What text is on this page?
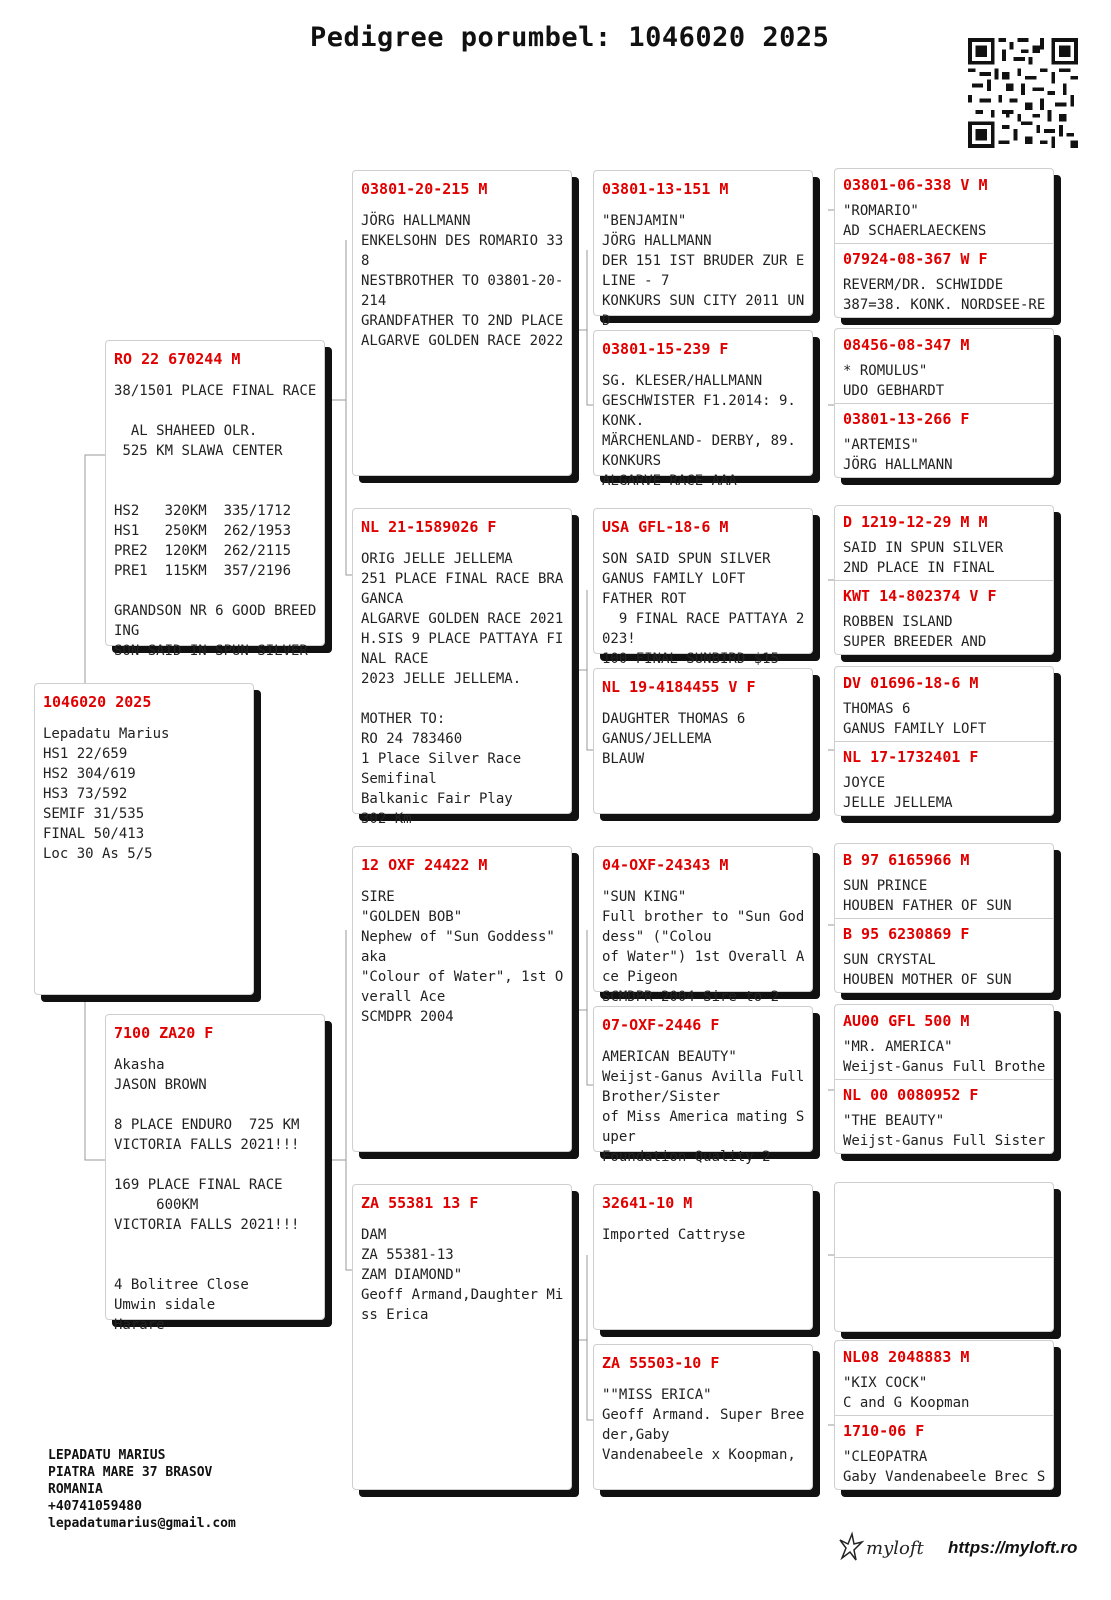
Pedigree porumbel: 1046020 2025
1046020 2025
Lepadatu Marius
HS1 22/659
HS2 304/619
HS3 73/592
SEMIF 31/535
FINAL 50/413
Loc 30 As 5/5
RO 22 670244 M
38/1501 PLACE FINAL RACE

AL SHAHEED OLR.
525 KM SLAWA CENTER

HS2   320KM  335/1712
HS1   250KM  262/1953
PRE2  120KM  262/2115
PRE1  115KM  357/2196

GRANDSON NR 6 GOOD BREEDING
SON SAID IN SPUN SILVER
7100 ZA20 F
Akasha
JASON BROWN

8 PLACE ENDURO  725 KM
VICTORIA FALLS 2021!!!

169 PLACE FINAL RACE
600KM
VICTORIA FALLS 2021!!!

4 Bolitree Close
Umwin sidale
Harare
03801-20-215 M
JÖRG HALLMANN
ENKELSOHN DES ROMARIO 338
NESTBROTHER TO 03801-20-214
GRANDFATHER TO 2ND PLACE
ALGARVE GOLDEN RACE 2022
NL 21-1589026 F
ORIG JELLE JELLEMA
251 PLACE FINAL RACE BRAGANCA
ALGARVE GOLDEN RACE 2021
H.SIS 9 PLACE PATTAYA FINAL RACE
2023 JELLE JELLEMA.

MOTHER TO:
RO 24 783460
1 Place Silver Race
Semifinal
Balkanic Fair Play
302 Km
12 OXF 24422 M
SIRE
"GOLDEN BOB"
Nephew of "Sun Goddess" aka
"Colour of Water", 1st Overall Ace
SCMDPR 2004
ZA 55381 13 F
DAM
ZA 55381-13
ZAM DIAMOND"
Geoff Armand,Daughter Miss Erica
03801-13-151 M
"BENJAMIN"
JÖRG HALLMANN
DER 151 IST BRUDER ZUR ELINE - 7
KONKURS SUN CITY 2011 UND
03801-15-239 F
SG. KLESER/HALLMANN
GESCHWISTER F1.2014: 9. KONK.
MÄRCHENLAND- DERBY, 89. KONKURS
ALGARVE RACE AAA
USA GFL-18-6 M
SON SAID SPUN SILVER
GANUS FAMILY LOFT
FATHER ROT
9 FINAL RACE PATTAYA 2023!
100 FINAL SUNBIRD $15
NL 19-4184455 V F
DAUGHTER THOMAS 6
GANUS/JELLEMA
BLAUW
04-OXF-24343 M
"SUN KING"
Full brother to "Sun Goddess" ("Colou
of Water") 1st Overall Ace Pigeon
SCMDPR 2004 Sire to 2
07-OXF-2446 F
AMERICAN BEAUTY"
Weijst-Ganus Avilla Full Brother/Sister
of Miss America mating Super
Foundation Quality 2
32641-10 M
Imported Cattryse
ZA 55503-10 F
""MISS ERICA"
Geoff Armand. Super Breeder,Gaby
Vandenabeele x Koopman,
03801-06-338 V M
"ROMARIO"
AD SCHAERLAECKENS
07924-08-367 W F
REVERM/DR. SCHWIDDE
387=38. KONK. NORDSEE-RE
08456-08-347 M
* ROMULUS"
UDO GEBHARDT
03801-13-266 F
"ARTEMIS"
JÖRG HALLMANN
D 1219-12-29 M M
SAID IN SPUN SILVER
2ND PLACE IN FINAL
KWT 14-802374 V F
ROBBEN ISLAND
SUPER BREEDER AND
DV 01696-18-6 M
THOMAS 6
GANUS FAMILY LOFT
NL 17-1732401 F
JOYCE
JELLE JELLEMA
B 97 6165966 M
SUN PRINCE
HOUBEN FATHER OF SUN
B 95 6230869 F
SUN CRYSTAL
HOUBEN MOTHER OF SUN
AU00 GFL 500 M
"MR. AMERICA"
Weijst-Ganus Full Brothe
NL 00 0080952 F
"THE BEAUTY"
Weijst-Ganus Full Sister
NL08 2048883 M
"KIX COCK"
C and G Koopman
1710-06 F
"CLEOPATRA
Gaby Vandenabeele Brec S
LEPADATU MARIUS
PIATRA MARE 37 BRASOV
ROMANIA
+40741059480
lepadatumarius@gmail.com
myloft https://myloft.ro
